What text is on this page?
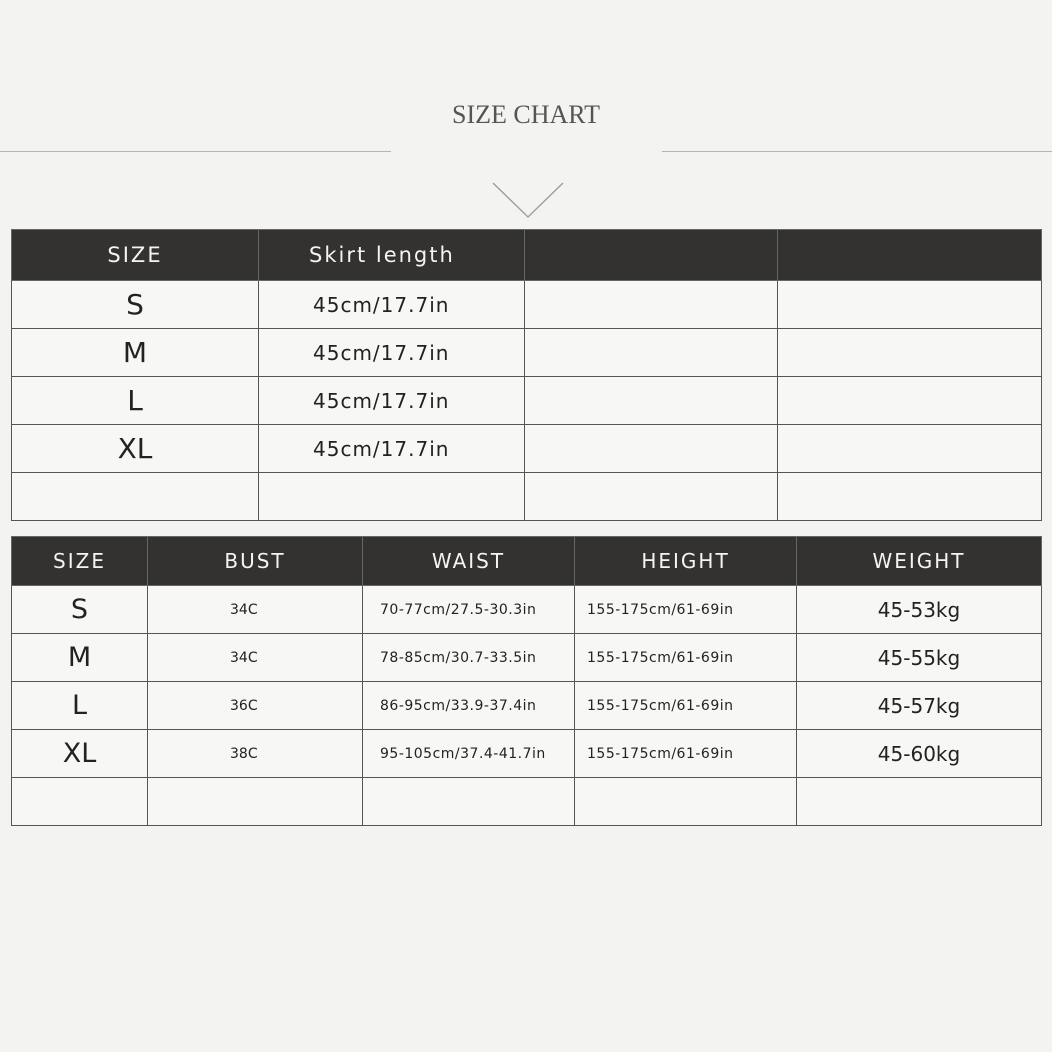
SIZE CHART
SIZE	Skirt length		
S	45cm/17.7in		
M	45cm/17.7in		
L	45cm/17.7in		
XL	45cm/17.7in		

SIZE	BUST	WAIST	HEIGHT	WEIGHT
S	34C	70-77cm/27.5-30.3in	155-175cm/61-69in	45-53kg
M	34C	78-85cm/30.7-33.5in	155-175cm/61-69in	45-55kg
L	36C	86-95cm/33.9-37.4in	155-175cm/61-69in	45-57kg
XL	38C	95-105cm/37.4-41.7in	155-175cm/61-69in	45-60kg
